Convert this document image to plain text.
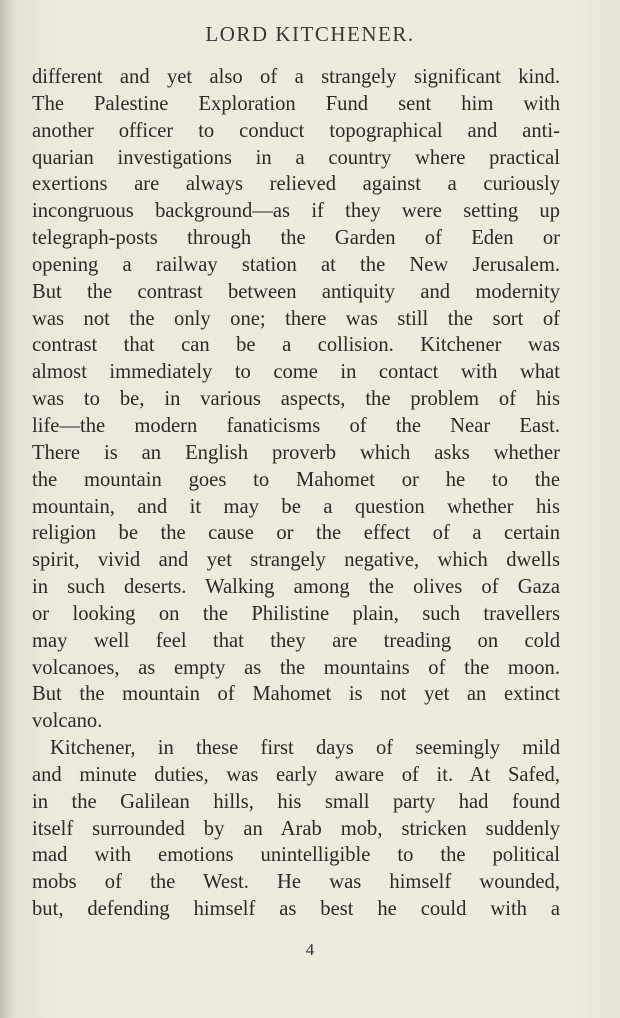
LORD KITCHENER.
different and yet also of a strangely significant kind.
The Palestine Exploration Fund sent him with
another officer to conduct topographical and anti-
quarian investigations in a country where practical
exertions are always relieved against a curiously
incongruous background—as if they were setting up
telegraph-posts through the Garden of Eden or
opening a railway station at the New Jerusalem.
But the contrast between antiquity and modernity
was not the only one; there was still the sort of
contrast that can be a collision. Kitchener was
almost immediately to come in contact with what
was to be, in various aspects, the problem of his
life—the modern fanaticisms of the Near East.
There is an English proverb which asks whether
the mountain goes to Mahomet or he to the
mountain, and it may be a question whether his
religion be the cause or the effect of a certain
spirit, vivid and yet strangely negative, which dwells
in such deserts. Walking among the olives of Gaza
or looking on the Philistine plain, such travellers
may well feel that they are treading on cold
volcanoes, as empty as the mountains of the moon.
But the mountain of Mahomet is not yet an extinct
volcano.
Kitchener, in these first days of seemingly mild
and minute duties, was early aware of it. At Safed,
in the Galilean hills, his small party had found
itself surrounded by an Arab mob, stricken suddenly
mad with emotions unintelligible to the political
mobs of the West. He was himself wounded,
but, defending himself as best he could with a
4
